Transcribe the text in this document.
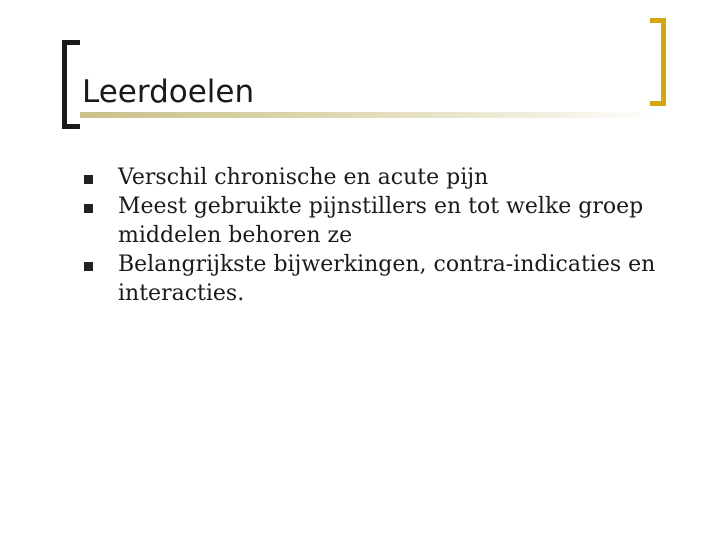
Leerdoelen
Verschil chronische en acute pijn
Meest gebruikte pijnstillers en tot welke groep middelen behoren ze
Belangrijkste bijwerkingen, contra-indicaties en interacties.
